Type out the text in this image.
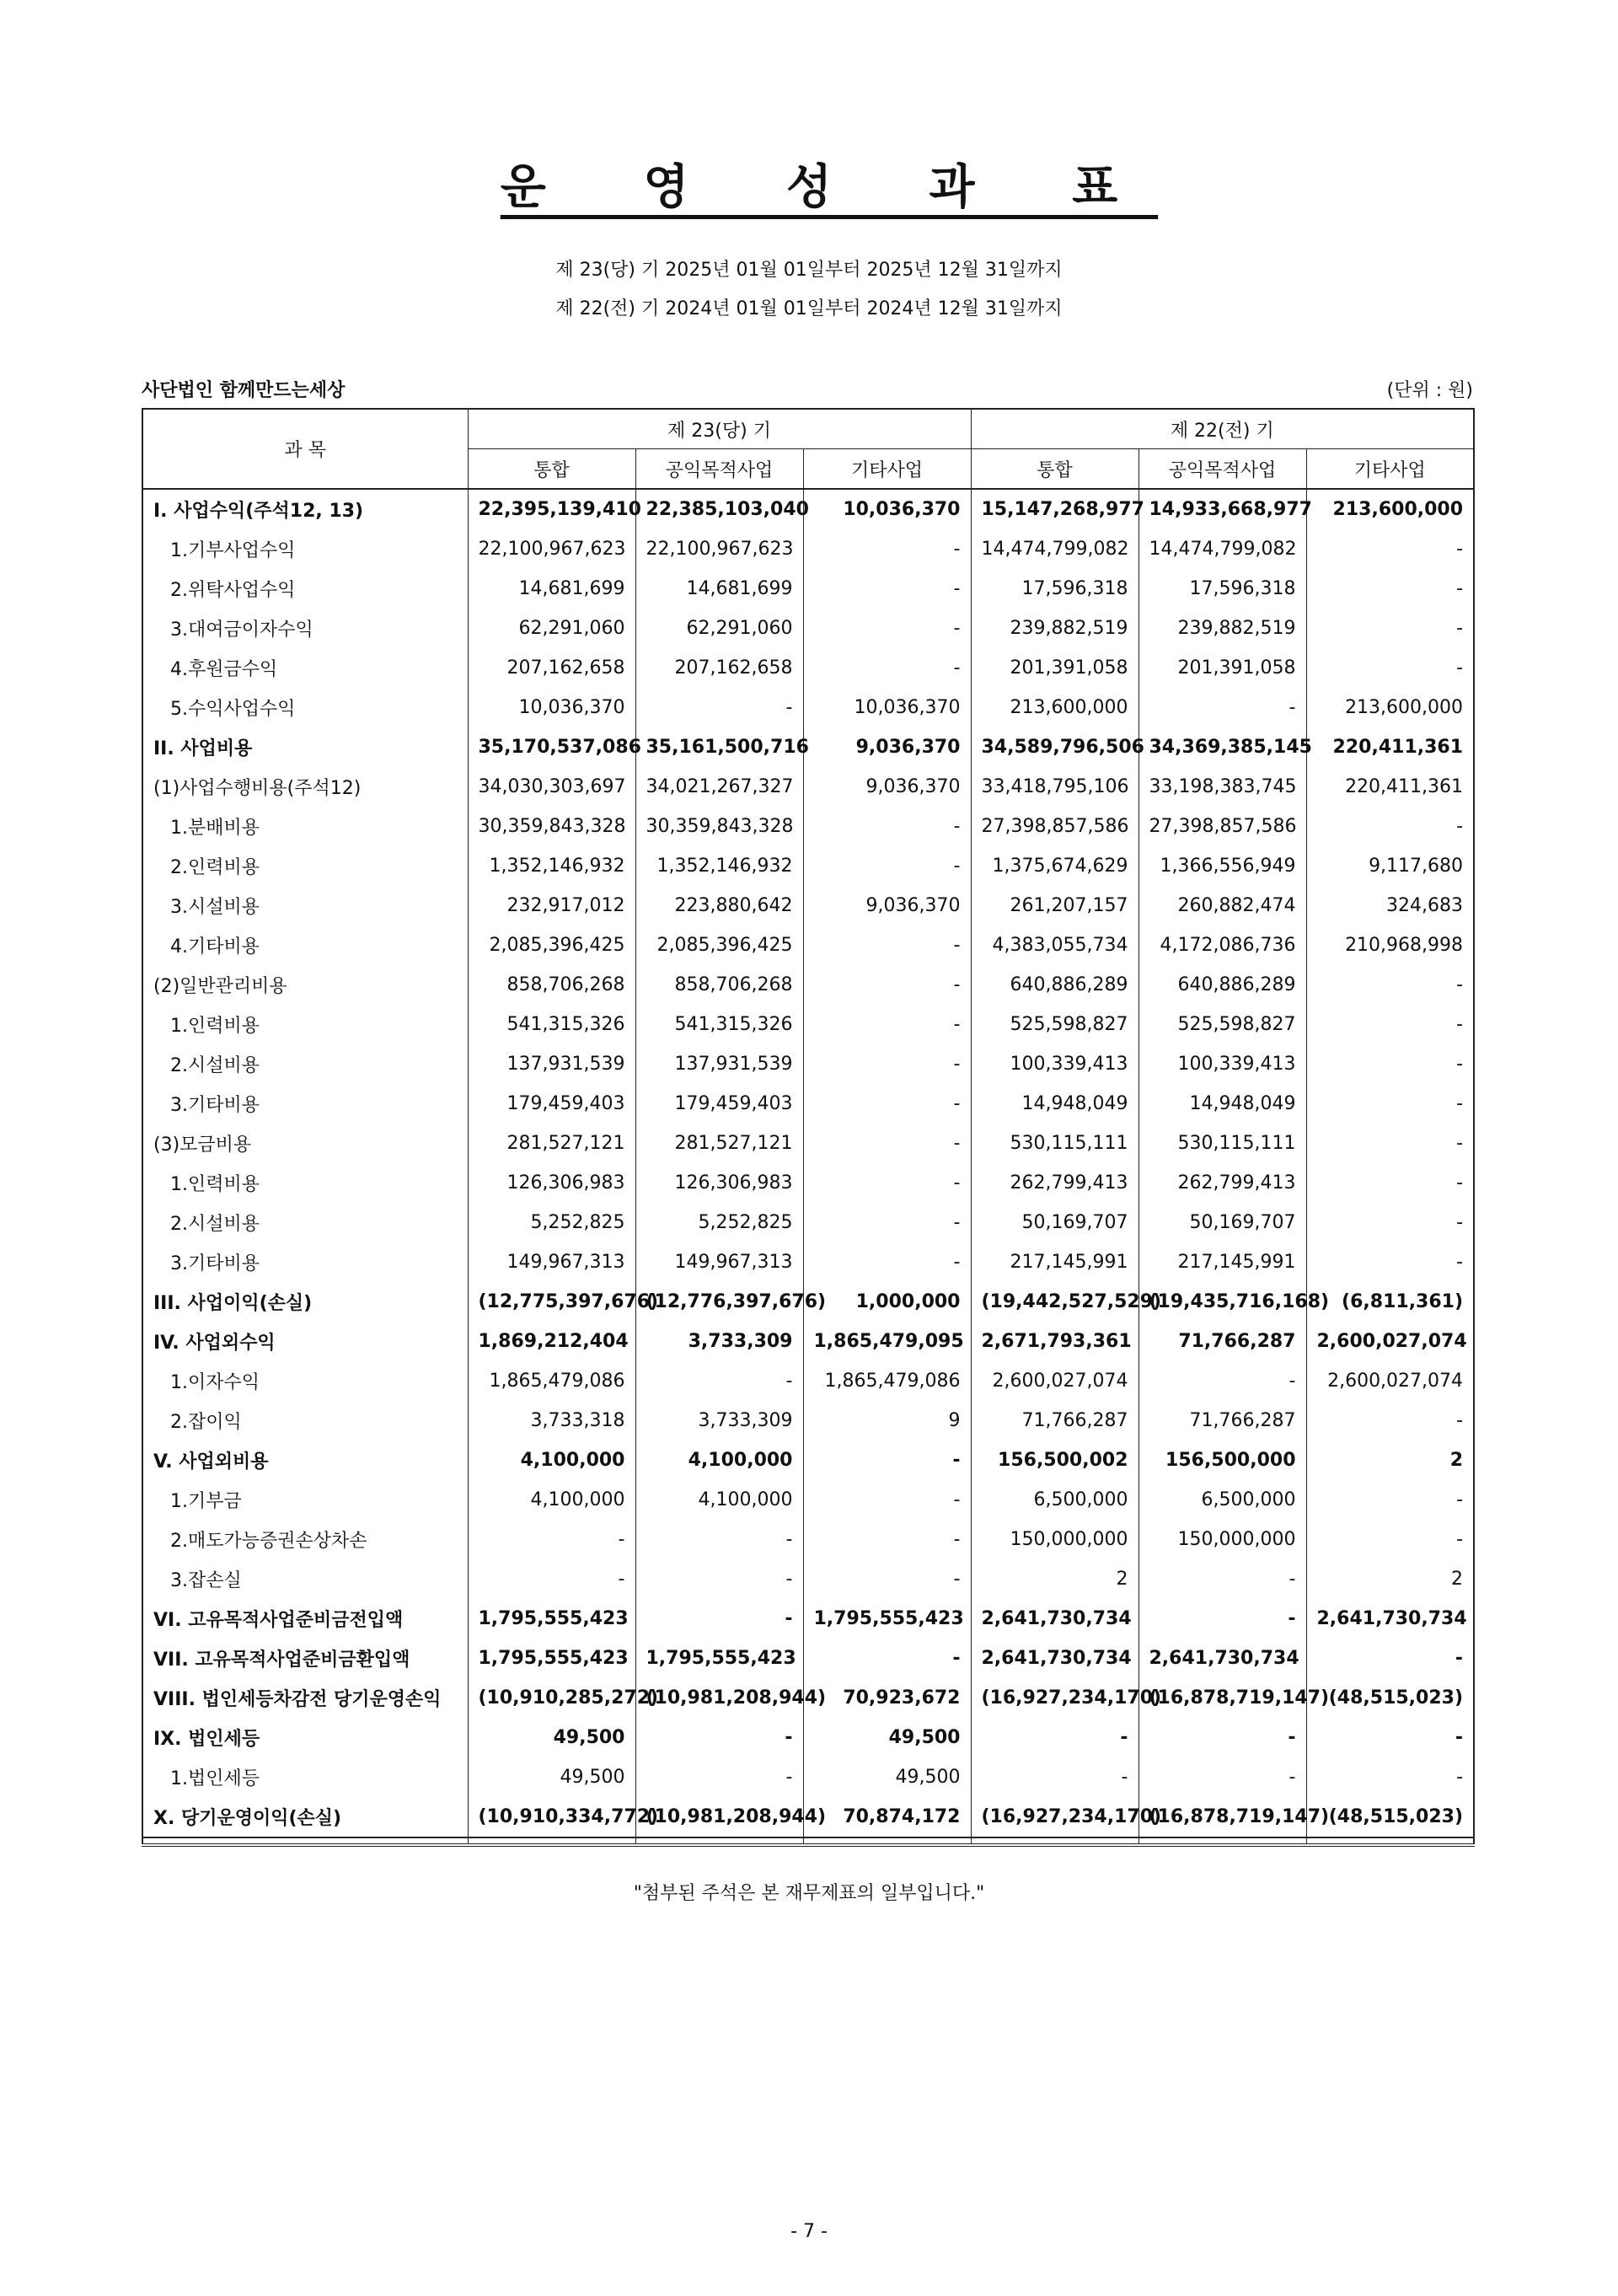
운 영 성 과 표
제 23(당) 기 2025년 01월 01일부터 2025년 12월 31일까지
제 22(전) 기 2024년 01월 01일부터 2024년 12월 31일까지
사단법인 함께만드는세상	(단위 : 원)
과 목	제 23(당) 기			제 22(전) 기		
	통합	공익목적사업	기타사업	통합	공익목적사업	기타사업
I. 사업수익(주석12, 13)	22,395,139,410	22,385,103,040	10,036,370	15,147,268,977	14,933,668,977	213,600,000
1.기부사업수익	22,100,967,623	22,100,967,623	-	14,474,799,082	14,474,799,082	-
2.위탁사업수익	14,681,699	14,681,699	-	17,596,318	17,596,318	-
3.대여금이자수익	62,291,060	62,291,060	-	239,882,519	239,882,519	-
4.후원금수익	207,162,658	207,162,658	-	201,391,058	201,391,058	-
5.수익사업수익	10,036,370	-	10,036,370	213,600,000	-	213,600,000
II. 사업비용	35,170,537,086	35,161,500,716	9,036,370	34,589,796,506	34,369,385,145	220,411,361
(1)사업수행비용(주석12)	34,030,303,697	34,021,267,327	9,036,370	33,418,795,106	33,198,383,745	220,411,361
1.분배비용	30,359,843,328	30,359,843,328	-	27,398,857,586	27,398,857,586	-
2.인력비용	1,352,146,932	1,352,146,932	-	1,375,674,629	1,366,556,949	9,117,680
3.시설비용	232,917,012	223,880,642	9,036,370	261,207,157	260,882,474	324,683
4.기타비용	2,085,396,425	2,085,396,425	-	4,383,055,734	4,172,086,736	210,968,998
(2)일반관리비용	858,706,268	858,706,268	-	640,886,289	640,886,289	-
1.인력비용	541,315,326	541,315,326	-	525,598,827	525,598,827	-
2.시설비용	137,931,539	137,931,539	-	100,339,413	100,339,413	-
3.기타비용	179,459,403	179,459,403	-	14,948,049	14,948,049	-
(3)모금비용	281,527,121	281,527,121	-	530,115,111	530,115,111	-
1.인력비용	126,306,983	126,306,983	-	262,799,413	262,799,413	-
2.시설비용	5,252,825	5,252,825	-	50,169,707	50,169,707	-
3.기타비용	149,967,313	149,967,313	-	217,145,991	217,145,991	-
III. 사업이익(손실)	(12,775,397,676)	(12,776,397,676)	1,000,000	(19,442,527,529)	(19,435,716,168)	(6,811,361)
IV. 사업외수익	1,869,212,404	3,733,309	1,865,479,095	2,671,793,361	71,766,287	2,600,027,074
1.이자수익	1,865,479,086	-	1,865,479,086	2,600,027,074	-	2,600,027,074
2.잡이익	3,733,318	3,733,309	9	71,766,287	71,766,287	-
V. 사업외비용	4,100,000	4,100,000	-	156,500,002	156,500,000	2
1.기부금	4,100,000	4,100,000	-	6,500,000	6,500,000	-
2.매도가능증권손상차손	-	-	-	150,000,000	150,000,000	-
3.잡손실	-	-	-	2	-	2
VI. 고유목적사업준비금전입액	1,795,555,423	-	1,795,555,423	2,641,730,734	-	2,641,730,734
VII. 고유목적사업준비금환입액	1,795,555,423	1,795,555,423	-	2,641,730,734	2,641,730,734	-
VIII. 법인세등차감전 당기운영손익	(10,910,285,272)	(10,981,208,944)	70,923,672	(16,927,234,170)	(16,878,719,147)	(48,515,023)
IX. 법인세등	49,500	-	49,500	-	-	-
1.법인세등	49,500	-	49,500	-	-	-
X. 당기운영이익(손실)	(10,910,334,772)	(10,981,208,944)	70,874,172	(16,927,234,170)	(16,878,719,147)	(48,515,023)

"첨부된 주석은 본 재무제표의 일부입니다."
- 7 -
